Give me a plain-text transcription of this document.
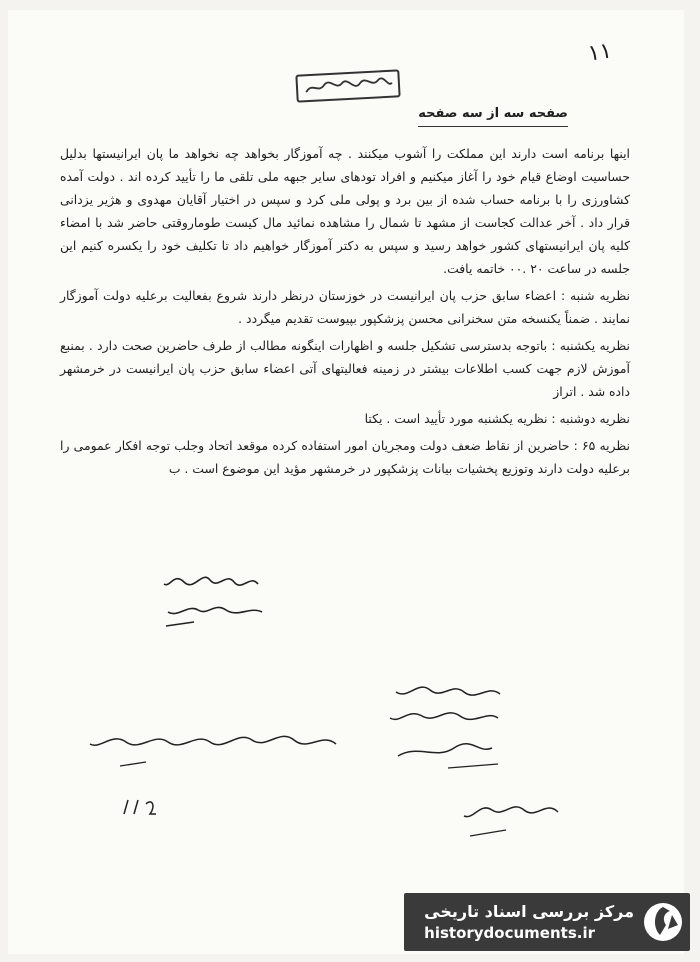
۱۱
صفحه سه از سه صفحه

اینها برنامه است دارند این مملکت را آشوب میکنند . چه آموزگار بخواهد چه نخواهد ما پان ایرانیستها بدلیل حساسیت اوضاع قیام خود را آغاز میکنیم و افراد تودهای سایر جبهه ملی تلقی ما را تأیید کرده اند . دولت آمده کشاورزی را با برنامه حساب شده از بین برد و پولی ملی کرد و سپس در اختیار آقایان مهدوی و هژیر یزدانی قرار داد . آخر عدالت کجاست از مشهد تا شمال را مشاهده نمائید مال کیست طوماروقتی حاضر شد با امضاء کلیه پان ایرانیستهای کشور خواهد رسید و سپس به دکتر آموزگار خواهیم داد تا تکلیف خود را یکسره کنیم این جلسه در ساعت ۲۰ .۰۰ خاتمه یافت.

نظریه شنبه : اعضاء سابق حزب پان ایرانیست در خوزستان درنظر دارند شروع بفعالیت برعلیه دولت آموزگار نمایند . ضمناً یکنسخه متن سخنرانی محسن پزشکپور بپیوست تقدیم میگردد .

نظریه یکشنبه : باتوجه بدسترسی تشکیل جلسه و اظهارات اینگونه مطالب از طرف حاضرین صحت دارد . بمنبع آموزش لازم جهت کسب اطلاعات بیشتر در زمینه فعالیتهای آتی اعضاء سابق حزب پان ایرانیست در خرمشهر داده شد . اتراز

نظریه دوشنبه : نظریه یکشنبه مورد تأیید است . یکتا

نظریه ۶۵ : حاضرین از نقاط ضعف دولت ومجریان امور استفاده کرده موقعد اتحاد وجلب توجه افکار عمومی را برعلیه دولت دارند وتوزیع پخشیات بیانات پزشکپور در خرمشهر مؤید این موضوع است . ب

مرکز بررسی اسناد تاریخی
historydocuments.ir
